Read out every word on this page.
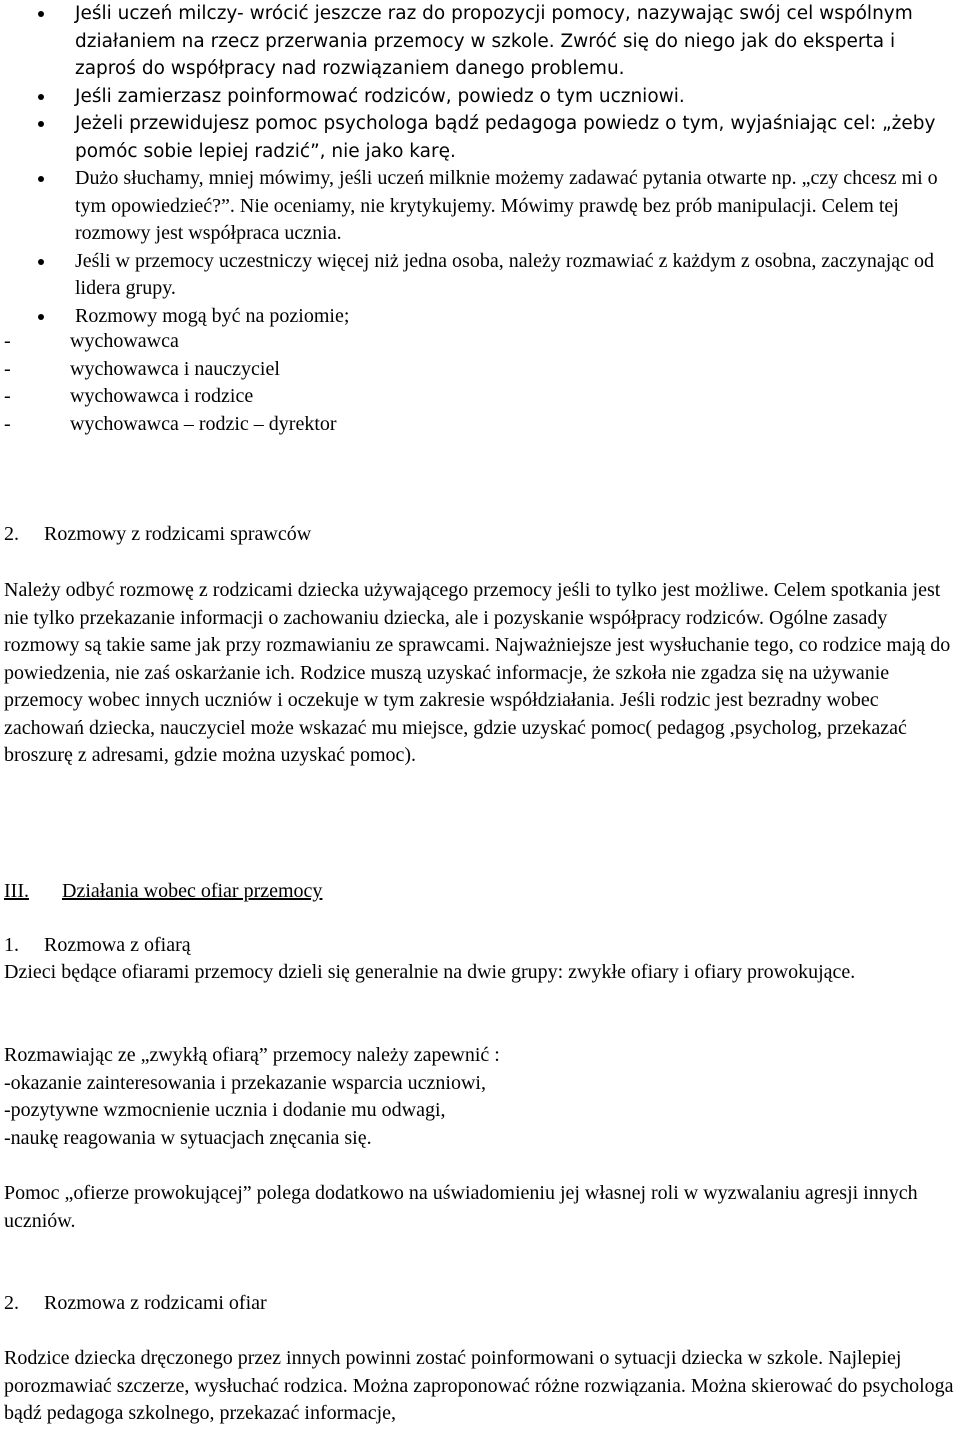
Jeśli uczeń milczy- wrócić jeszcze raz do propozycji pomocy, nazywając swój cel wspólnym działaniem na rzecz przerwania przemocy w szkole. Zwróć się do niego jak do eksperta i zaproś do współpracy nad rozwiązaniem danego problemu.
Jeśli zamierzasz poinformować rodziców, powiedz o tym uczniowi.
Jeżeli przewidujesz pomoc psychologa bądź pedagoga powiedz o tym, wyjaśniając cel: „żeby pomóc sobie lepiej radzić”, nie jako karę.
Dużo słuchamy, mniej mówimy, jeśli uczeń milknie możemy zadawać pytania otwarte np. „czy chcesz mi o tym opowiedzieć?”. Nie oceniamy, nie krytykujemy. Mówimy prawdę bez prób manipulacji. Celem tej rozmowy jest współpraca ucznia.
Jeśli w przemocy uczestniczy więcej niż jedna osoba, należy rozmawiać z każdym z osobna, zaczynając od lidera grupy.
Rozmowy mogą być na poziomie;
-	wychowawca
-	wychowawca i nauczyciel
-	wychowawca i rodzice
-	wychowawca – rodzic – dyrektor
2. Rozmowy z rodzicami sprawców

Należy odbyć rozmowę z rodzicami dziecka używającego przemocy jeśli to tylko jest możliwe. Celem spotkania jest nie tylko przekazanie informacji o zachowaniu dziecka, ale i pozyskanie współpracy rodziców. Ogólne zasady rozmowy są takie same jak przy rozmawianiu ze sprawcami. Najważniejsze jest wysłuchanie tego, co rodzice mają do powiedzenia, nie zaś oskarżanie ich. Rodzice muszą uzyskać informacje, że szkoła nie zgadza się na używanie przemocy wobec innych uczniów i oczekuje w tym zakresie współdziałania. Jeśli rodzic jest bezradny wobec zachowań dziecka, nauczyciel może wskazać mu miejsce, gdzie uzyskać pomoc( pedagog ,psycholog, przekazać broszurę z adresami, gdzie można uzyskać pomoc).

III. Działania wobec ofiar przemocy
1. Rozmowa z ofiarą

Dzieci będące ofiarami przemocy dzieli się generalnie na dwie grupy: zwykłe ofiary i ofiary prowokujące.

Rozmawiając ze „zwykłą ofiarą” przemocy należy zapewnić :

-okazanie zainteresowania i przekazanie wsparcia uczniowi,

-pozytywne wzmocnienie ucznia i dodanie mu odwagi,

-naukę reagowania w sytuacjach znęcania się.

Pomoc „ofierze prowokującej” polega dodatkowo na uświadomieniu jej własnej roli w wyzwalaniu agresji innych uczniów.

2. Rozmowa z rodzicami ofiar

Rodzice dziecka dręczonego przez innych powinni zostać poinformowani o sytuacji dziecka w szkole. Najlepiej porozmawiać szczerze, wysłuchać rodzica. Można zaproponować różne rozwiązania. Można skierować do psychologa bądź pedagoga szkolnego, przekazać informacje,
